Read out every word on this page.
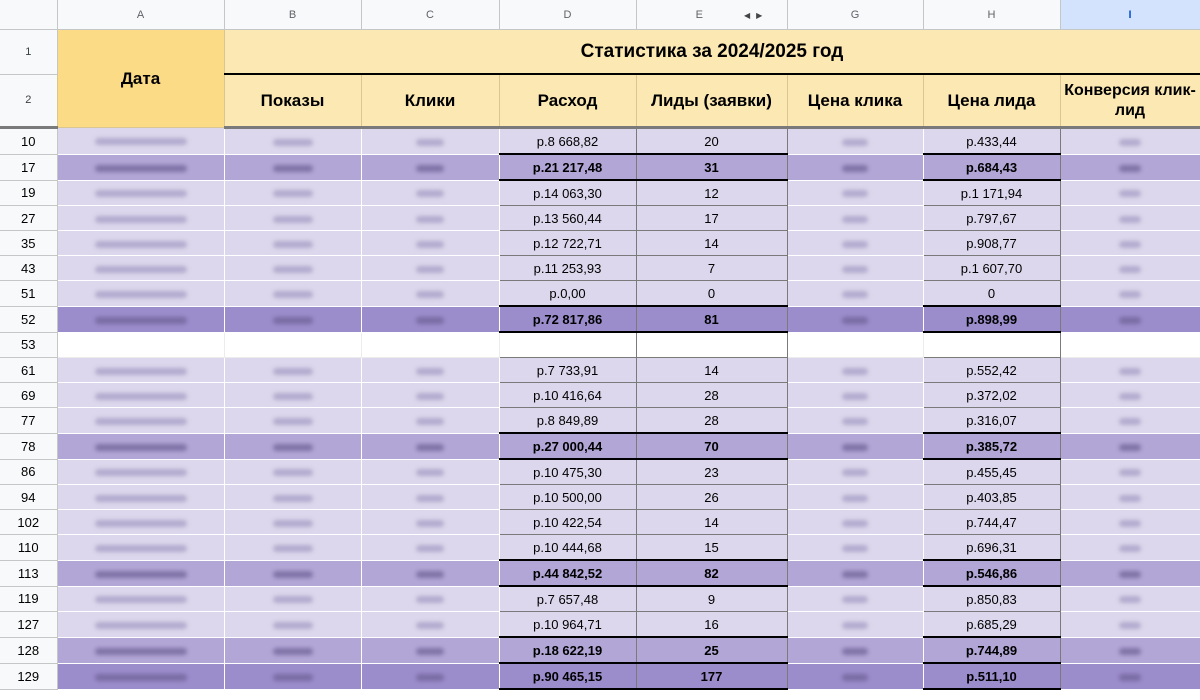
	A	B	C	D	E ◀ ▶	G	H	I
1	Дата	Статистика за 2024/2025 год						
2		Показы	Клики	Расход	Лиды (заявки)	Цена клика	Цена лида	Конверсия клик-лид
10				р.8 668,82	20		р.433,44	
17				р.21 217,48	31		р.684,43	
19				р.14 063,30	12		р.1 171,94	
27				р.13 560,44	17		р.797,67	
35				р.12 722,71	14		р.908,77	
43				р.11 253,93	7		р.1 607,70	
51				р.0,00	0		0	
52				р.72 817,86	81		р.898,99	
53								
61				р.7 733,91	14		р.552,42	
69				р.10 416,64	28		р.372,02	
77				р.8 849,89	28		р.316,07	
78				р.27 000,44	70		р.385,72	
86				р.10 475,30	23		р.455,45	
94				р.10 500,00	26		р.403,85	
102				р.10 422,54	14		р.744,47	
110				р.10 444,68	15		р.696,31	
113				р.44 842,52	82		р.546,86	
119				р.7 657,48	9		р.850,83	
127				р.10 964,71	16		р.685,29	
128				р.18 622,19	25		р.744,89	
129				р.90 465,15	177		р.511,10	
